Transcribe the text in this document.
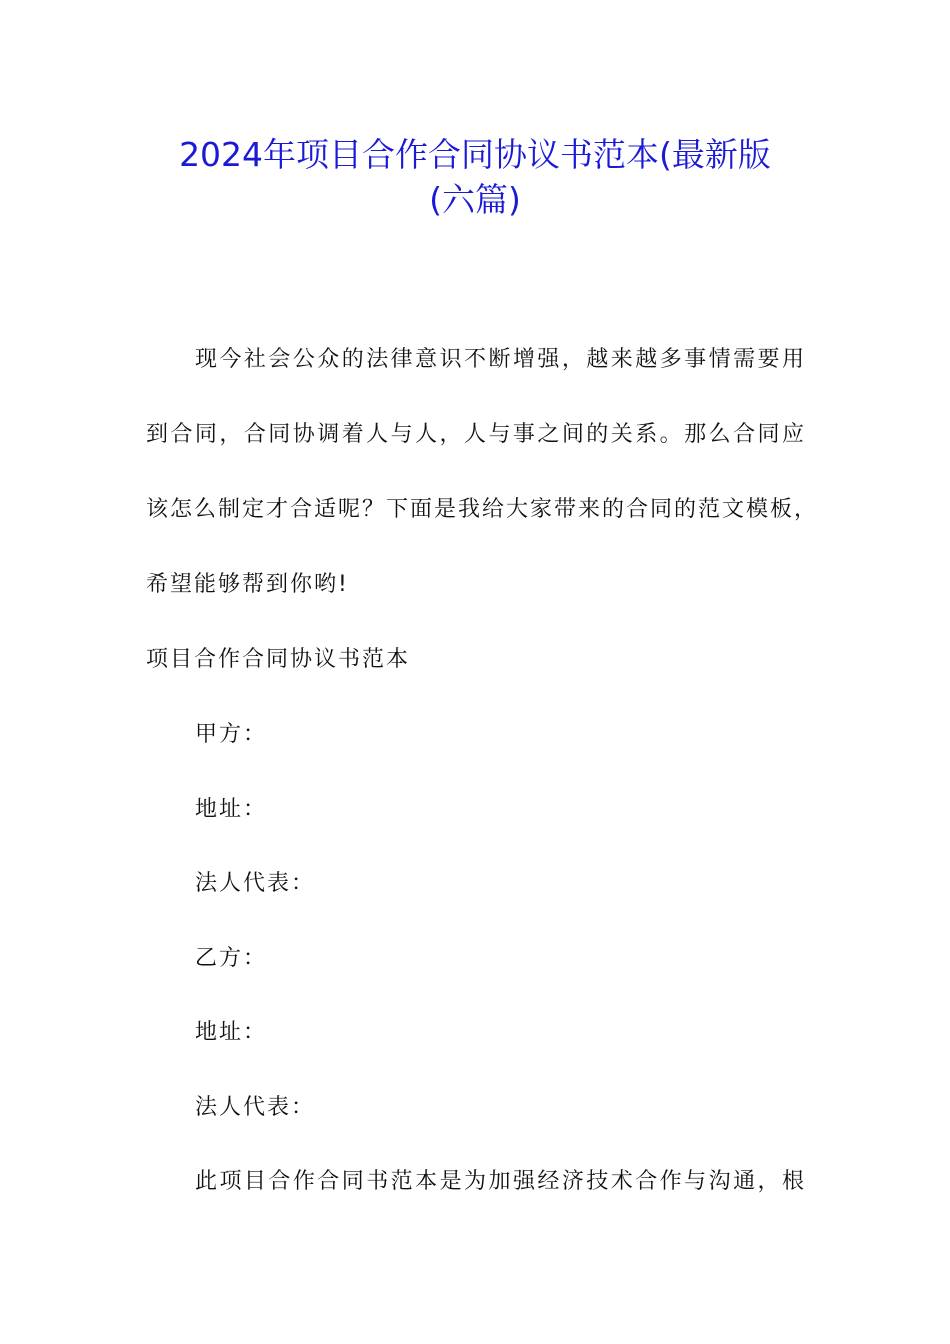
2024年项目合作合同协议书范本(最新版
(六篇)
现今社会公众的法律意识不断增强，越来越多事情需要用
到合同，合同协调着人与人，人与事之间的关系。那么合同应
该怎么制定才合适呢？下面是我给大家带来的合同的范文模板，
希望能够帮到你哟!
项目合作合同协议书范本
甲方：
地址：
法人代表：
乙方：
地址：
法人代表：
此项目合作合同书范本是为加强经济技术合作与沟通，根
